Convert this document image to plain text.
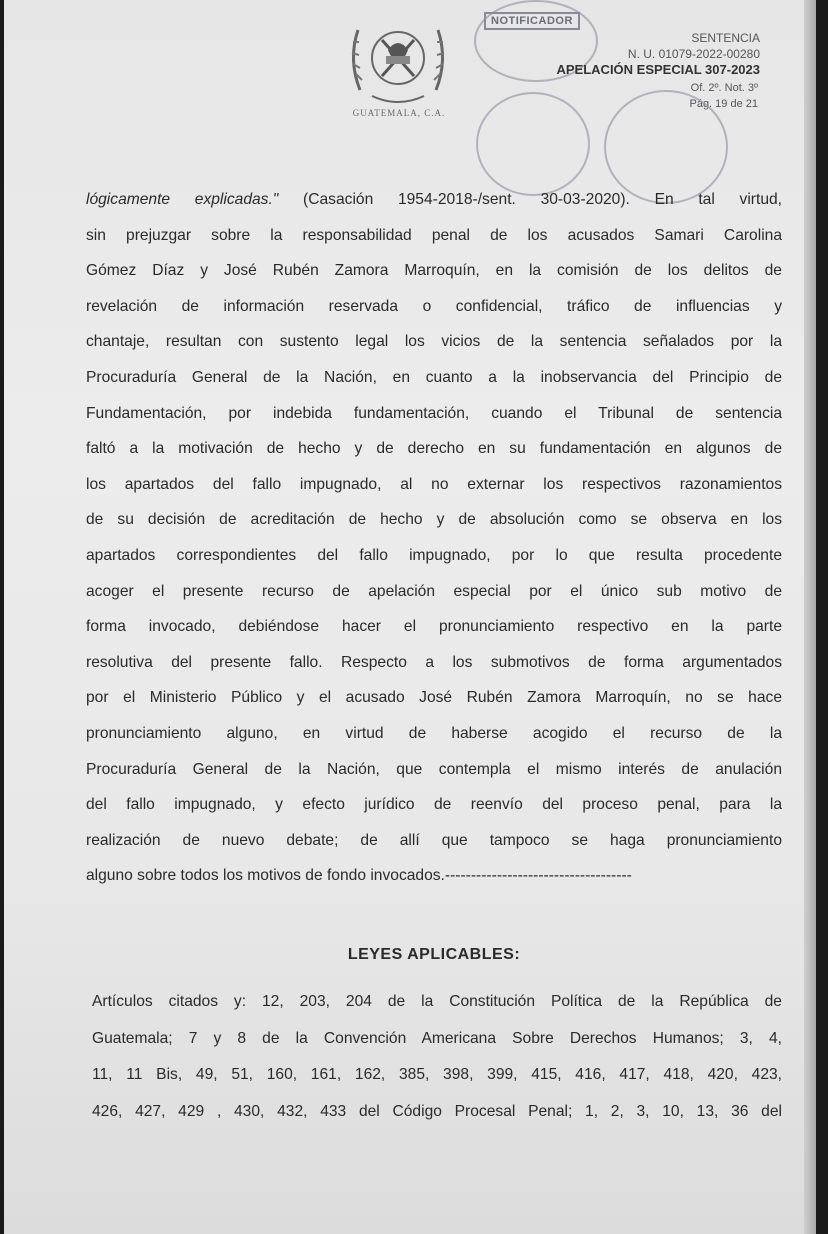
GUATEMALA, C.A.
NOTIFICADOR
SENTENCIA
N. U. 01079-2022-00280
APELACIÓN ESPECIAL 307-2023
Of. 2º. Not. 3º
Pág. 19 de 21
lógicamente explicadas." (Casación 1954-2018-/sent. 30-03-2020). En tal virtud,
sin prejuzgar sobre la responsabilidad penal de los acusados Samari Carolina
Gómez Díaz y José Rubén Zamora Marroquín, en la comisión de los delitos de
revelación de información reservada o confidencial, tráfico de influencias y
chantaje, resultan con sustento legal los vicios de la sentencia señalados por la
Procuraduría General de la Nación, en cuanto a la inobservancia del Principio de
Fundamentación, por indebida fundamentación, cuando el Tribunal de sentencia
faltó a la motivación de hecho y de derecho en su fundamentación en algunos de
los apartados del fallo impugnado, al no externar los respectivos razonamientos
de su decisión de acreditación de hecho y de absolución como se observa en los
apartados correspondientes del fallo impugnado, por lo que resulta procedente
acoger el presente recurso de apelación especial por el único sub motivo de
forma invocado, debiéndose hacer el pronunciamiento respectivo en la parte
resolutiva del presente fallo. Respecto a los submotivos de forma argumentados
por el Ministerio Público y el acusado José Rubén Zamora Marroquín, no se hace
pronunciamiento alguno, en virtud de haberse acogido el recurso de la
Procuraduría General de la Nación, que contempla el mismo interés de anulación
del fallo impugnado, y efecto jurídico de reenvío del proceso penal, para la
realización de nuevo debate; de allí que tampoco se haga pronunciamiento
alguno sobre todos los motivos de fondo invocados.------------------------------------
LEYES APLICABLES:
Artículos citados y: 12, 203, 204 de la Constitución Política de la República de
Guatemala; 7 y 8 de la Convención Americana Sobre Derechos Humanos; 3, 4,
11, 11 Bis, 49, 51, 160, 161, 162, 385, 398, 399, 415, 416, 417, 418, 420, 423,
426, 427, 429 , 430, 432, 433 del Código Procesal Penal; 1, 2, 3, 10, 13, 36 del
